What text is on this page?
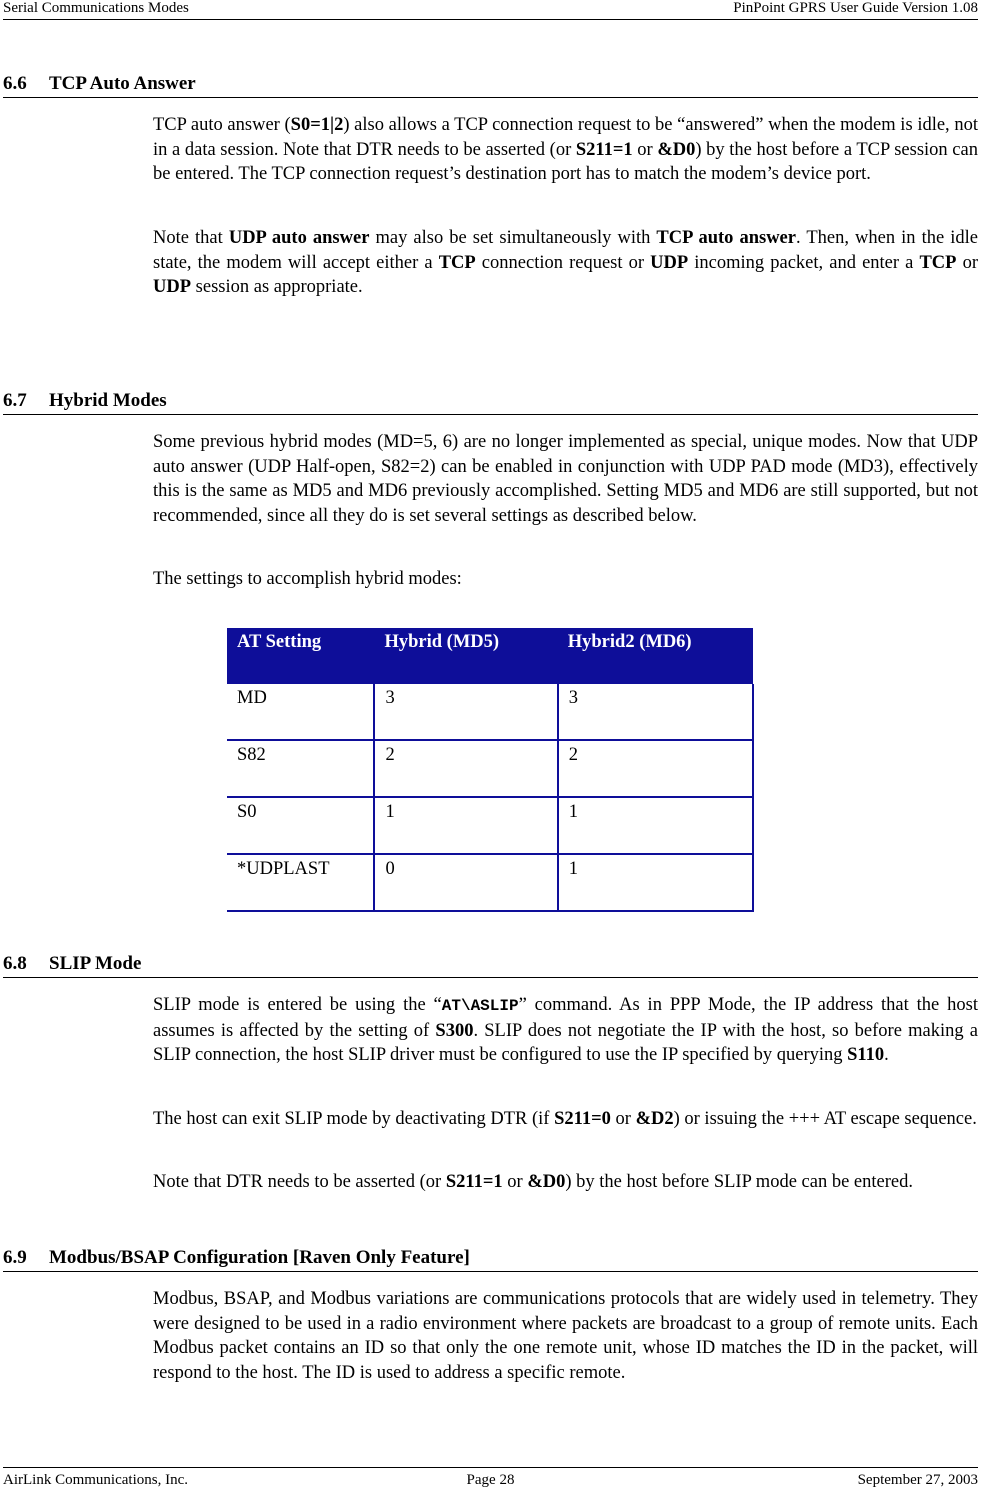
Serial Communications Modes	PinPoint GPRS User Guide Version 1.08
6.6 TCP Auto Answer

TCP auto answer (S0=1|2) also allows a TCP connection request to be “answered” when the modem is idle, not in a data session. Note that DTR needs to be asserted (or S211=1 or &D0) by the host before a TCP session can be entered. The TCP connection request’s destination port has to match the modem’s device port.

Note that UDP auto answer may also be set simultaneously with TCP auto answer. Then, when in the idle state, the modem will accept either a TCP connection request or UDP incoming packet, and enter a TCP or UDP session as appropriate.

6.7 Hybrid Modes

Some previous hybrid modes (MD=5, 6) are no longer implemented as special, unique modes. Now that UDP auto answer (UDP Half-open, S82=2) can be enabled in conjunction with UDP PAD mode (MD3), effectively this is the same as MD5 and MD6 previously accomplished. Setting MD5 and MD6 are still supported, but not recommended, since all they do is set several settings as described below.

The settings to accomplish hybrid modes:

AT Setting	Hybrid (MD5)	Hybrid2 (MD6)
MD	3	3
S82	2	2
S0	1	1
*UDPLAST	0	1
6.8 SLIP Mode

SLIP mode is entered be using the “AT\ASLIP” command. As in PPP Mode, the IP address that the host assumes is affected by the setting of S300. SLIP does not negotiate the IP with the host, so before making a SLIP connection, the host SLIP driver must be configured to use the IP specified by querying S110.

The host can exit SLIP mode by deactivating DTR (if S211=0 or &D2) or issuing the +++ AT escape sequence.

Note that DTR needs to be asserted (or S211=1 or &D0) by the host before SLIP mode can be entered.

6.9 Modbus/BSAP Configuration [Raven Only Feature]

Modbus, BSAP, and Modbus variations are communications protocols that are widely used in telemetry. They were designed to be used in a radio environment where packets are broadcast to a group of remote units. Each Modbus packet contains an ID so that only the one remote unit, whose ID matches the ID in the packet, will respond to the host. The ID is used to address a specific remote.

AirLink Communications, Inc.	Page 28	September 27, 2003
